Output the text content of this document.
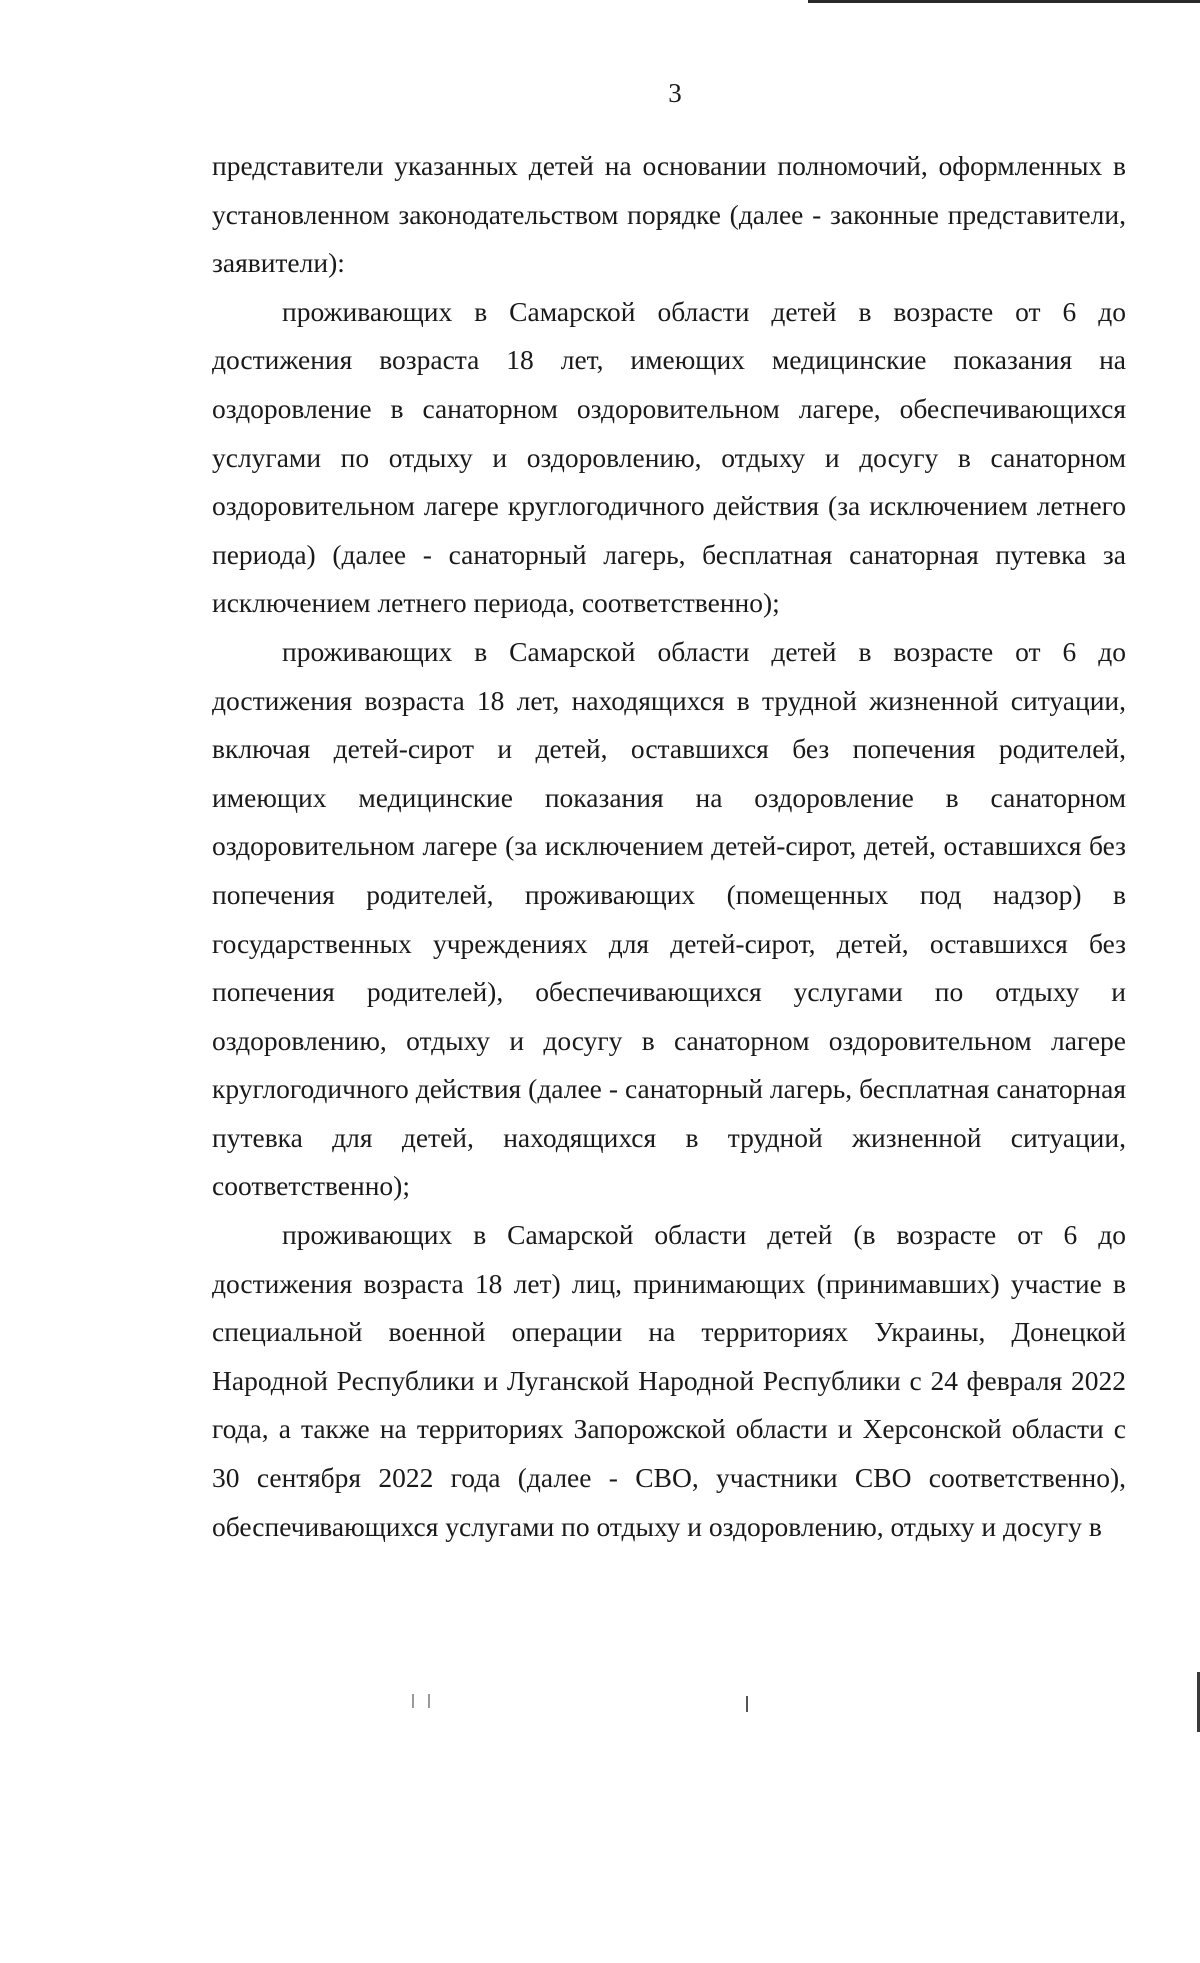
3

представители указанных детей на основании полномочий, оформленных в установленном законодательством порядке (далее - законные представители, заявители):

проживающих в Самарской области детей в возрасте от 6 до достижения возраста 18 лет, имеющих медицинские показания на оздоровление в санаторном оздоровительном лагере, обеспечивающихся услугами по отдыху и оздоровлению, отдыху и досугу в санаторном оздоровительном лагере круглогодичного действия (за исключением летнего периода) (далее - санаторный лагерь, бесплатная санаторная путевка за исключением летнего периода, соответственно);

проживающих в Самарской области детей в возрасте от 6 до достижения возраста 18 лет, находящихся в трудной жизненной ситуации, включая детей-сирот и детей, оставшихся без попечения родителей, имеющих медицинские показания на оздоровление в санаторном оздоровительном лагере (за исключением детей-сирот, детей, оставшихся без попечения родителей, проживающих (помещенных под надзор) в государственных учреждениях для детей-сирот, детей, оставшихся без попечения родителей), обеспечивающихся услугами по отдыху и оздоровлению, отдыху и досугу в санаторном оздоровительном лагере круглогодичного действия (далее - санаторный лагерь, бесплатная санаторная путевка для детей, находящихся в трудной жизненной ситуации, соответственно);

проживающих в Самарской области детей (в возрасте от 6 до достижения возраста 18 лет) лиц, принимающих (принимавших) участие в специальной военной операции на территориях Украины, Донецкой Народной Республики и Луганской Народной Республики с 24 февраля 2022 года, а также на территориях Запорожской области и Херсонской области с 30 сентября 2022 года (далее - СВО, участники СВО соответственно), обеспечивающихся услугами по отдыху и оздоровлению, отдыху и досугу в
